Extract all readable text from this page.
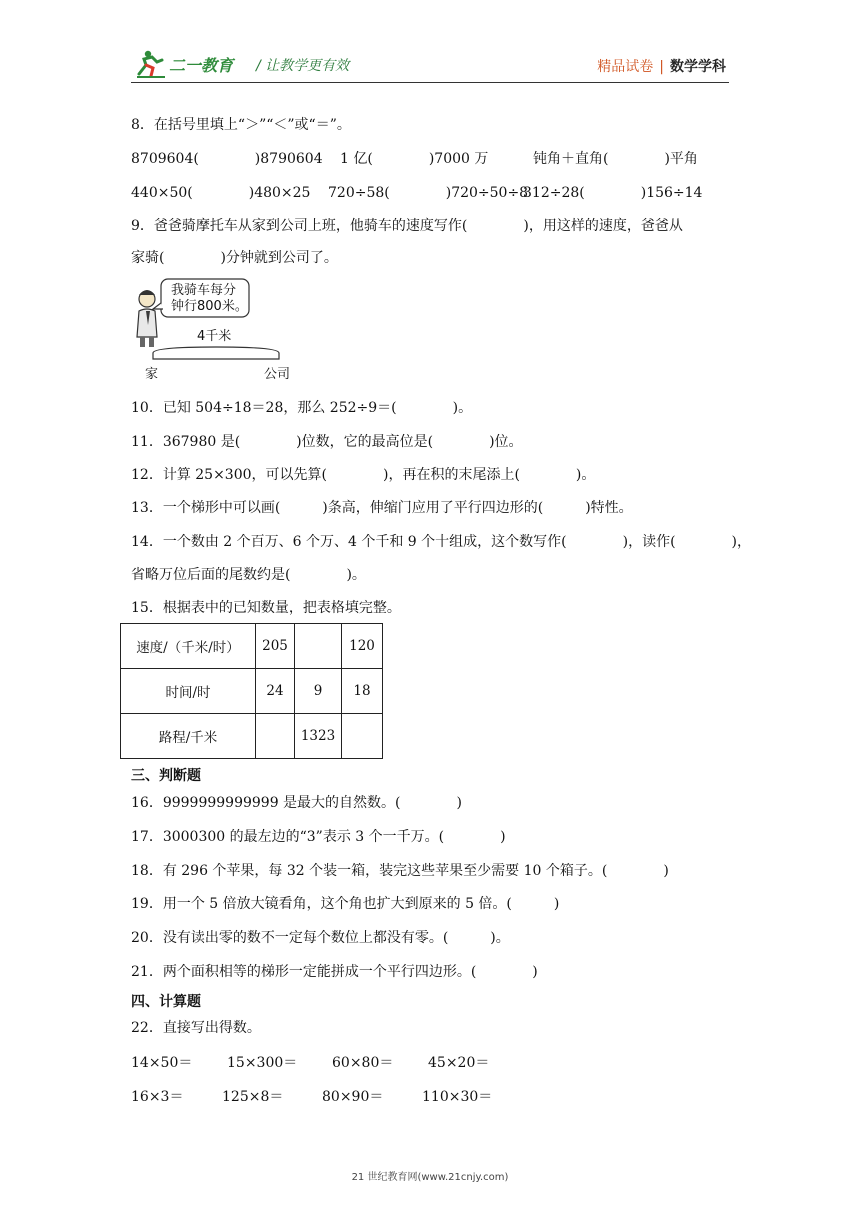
二一教育 / 让教学更有效	精品试卷 | 数学学科
8．在括号里填上“＞”“＜”或“＝”。
8709604(　　　　)8790604 1 亿(　　　　)7000 万	钝角＋直角(　　　　)平角
440×50(　　　　)480×25 720÷58(　　　　)720÷50÷8
312÷28(　　　　)156÷14
9．爸爸骑摩托车从家到公司上班，他骑车的速度写作(　　　　)，用这样的速度，爸爸从
家骑(　　　　)分钟就到公司了。
我骑车每分
钟行800米。
4千米
家	公司
10．已知 504÷18＝28，那么 252÷9＝(　　　　)。
11．367980 是(　　　　)位数，它的最高位是(　　　　)位。
12．计算 25×300，可以先算(　　　　)，再在积的末尾添上(　　　　)。
13．一个梯形中可以画(　　　)条高，伸缩门应用了平行四边形的(　　　)特性。
14．一个数由 2 个百万、6 个万、4 个千和 9 个十组成，这个数写作(　　　　)，读作(　　　　)，
省略万位后面的尾数约是(　　　　)。
15．根据表中的已知数量，把表格填完整。
速度/（千米/时）	205		120
时间/时	24	9	18
路程/千米		1323	
三、判断题
16．9999999999999 是最大的自然数。(　　　　)
17．3000300 的最左边的“3”表示 3 个一千万。(　　　　)
18．有 296 个苹果，每 32 个装一箱，装完这些苹果至少需要 10 个箱子。(　　　　)
19．用一个 5 倍放大镜看角，这个角也扩大到原来的 5 倍。(　　　)
20．没有读出零的数不一定每个数位上都没有零。(　　　)。
21．两个面积相等的梯形一定能拼成一个平行四边形。(　　　　)
四、计算题
22．直接写出得数。
14×50＝ 15×300＝ 60×80＝ 45×20＝
16×3＝	125×8＝	80×90＝	110×30＝
21 世纪教育网(www.21cnjy.com)
